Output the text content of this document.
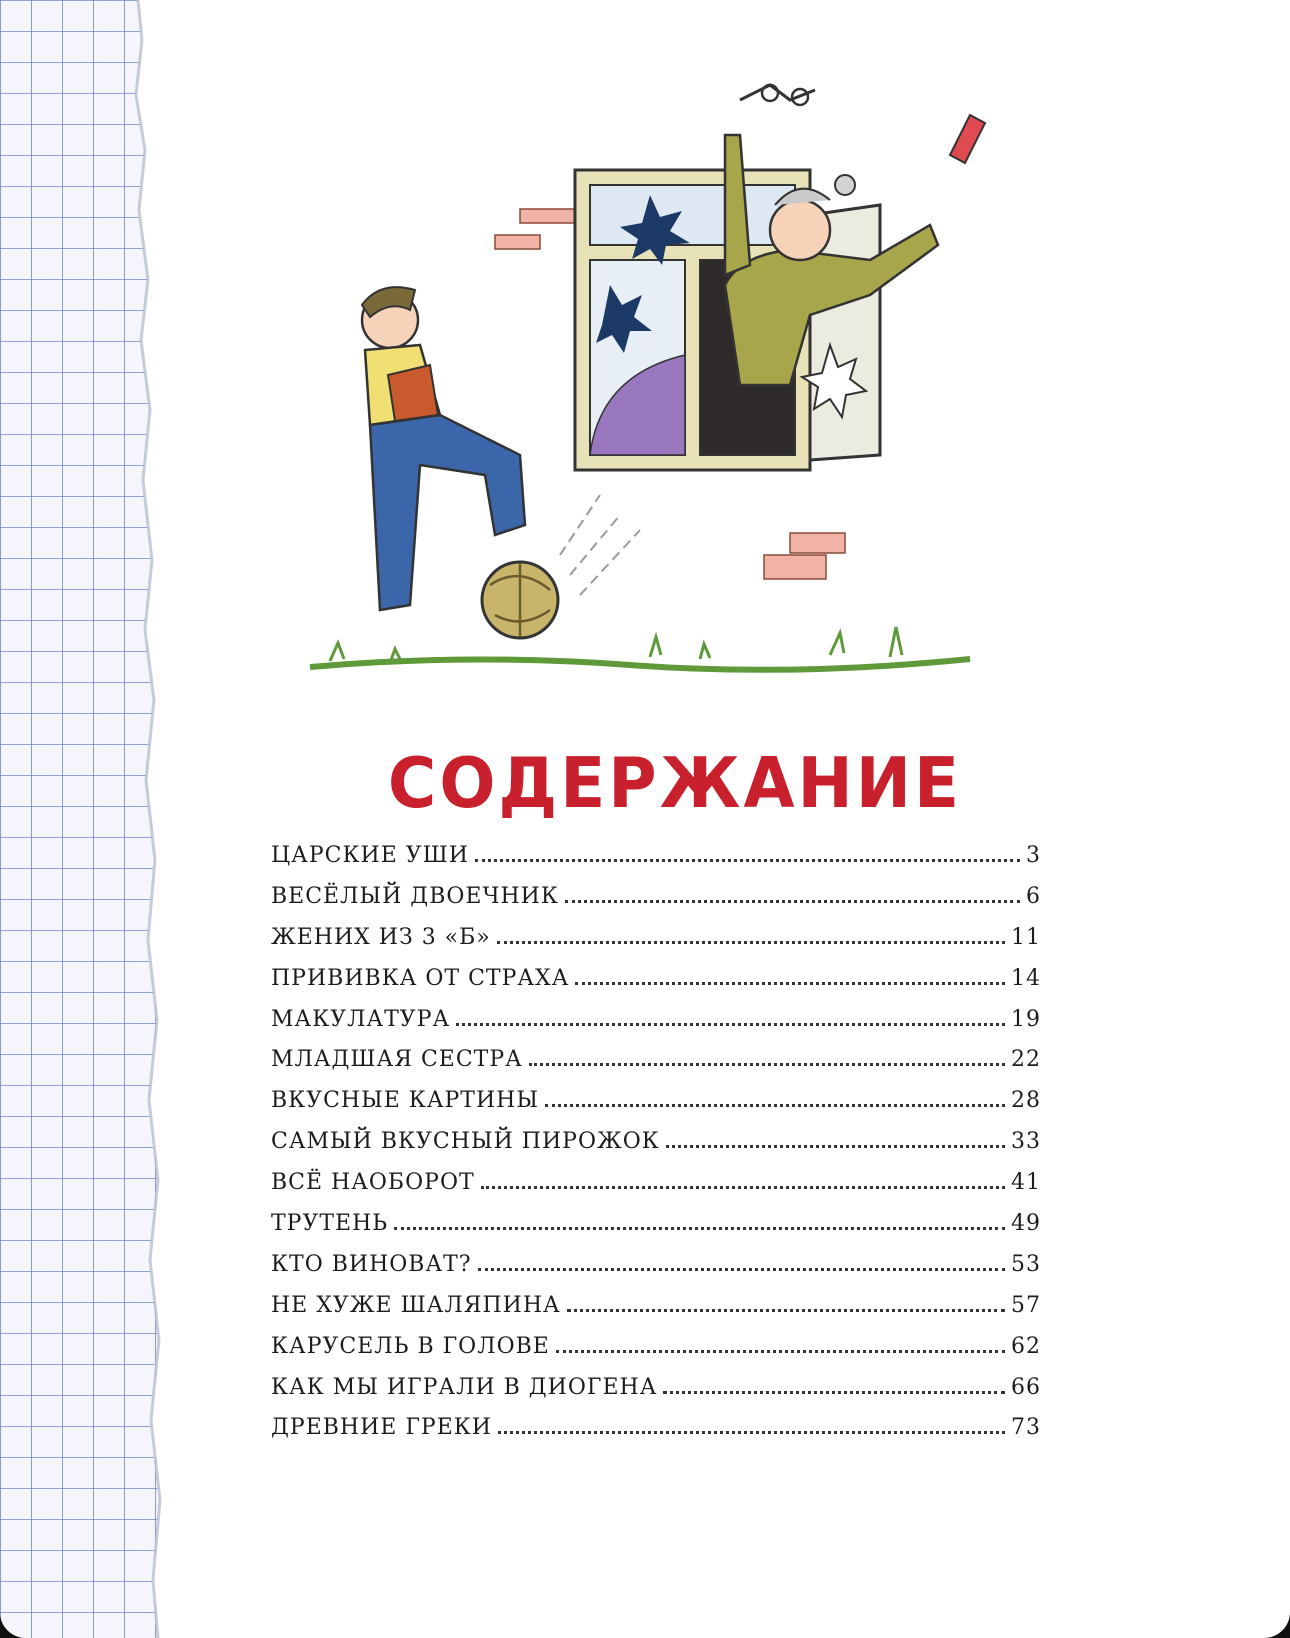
СОДЕРЖАНИЕ
ЦАРСКИЕ УШИ	3
ВЕСЁЛЫЙ ДВОЕЧНИК	6
ЖЕНИХ ИЗ 3 «Б»	11
ПРИВИВКА ОТ СТРАХА	14
МАКУЛАТУРА	19
МЛАДШАЯ СЕСТРА	22
ВКУСНЫЕ КАРТИНЫ	28
САМЫЙ ВКУСНЫЙ ПИРОЖОК	33
ВСЁ НАОБОРОТ	41
ТРУТЕНЬ	49
КТО ВИНОВАТ?	53
НЕ ХУЖЕ ШАЛЯПИНА	57
КАРУСЕЛЬ В ГОЛОВЕ	62
КАК МЫ ИГРАЛИ В ДИОГЕНА	66
ДРЕВНИЕ ГРЕКИ	73
